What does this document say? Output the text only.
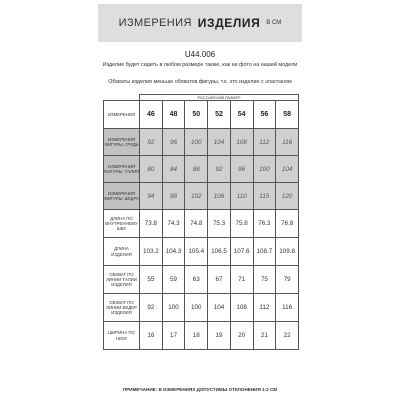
ИЗМЕРЕНИЯ ИЗДЕЛИЯ В СМ
U44.006
Изделие будет сидеть в любом размере также, как на фото на нашей модели
Обхваты изделия меньше обхватов фигуры, т.к. это изделие с эластаном
	РОССИЙСКИЙ РАЗМЕР						
ИЗМЕРЕНИЯ	46	48	50	52	54	56	58
ИЗМЕРЕНИЯ ФИГУРЫ, ГРУДЬ	92	96	100	104	108	112	116
ИЗМЕРЕНИЯ ФИГУРЫ, ТАЛИЯ	80	84	88	92	96	100	104
ИЗМЕРЕНИЯ ФИГУРЫ, БЕДРА	94	98	102	106	110	115	120
ДЛИНА ПО ВНУТРЕННЕМУ ШВУ	73.8	74.3	74.8	75.3	75.8	76.3	76.8
ДЛИНА ИЗДЕЛИЯ	103.2	104.3	105.4	106.5	107.6	108.7	109.8
ОБХВАТ ПО ЛИНИИ ТАЛИИ ИЗДЕЛИЯ	55	59	63	67	71	75	79
ОБХВАТ ПО ЛИНИИ БЕДЕР ИЗДЕЛИЯ	92	100	100	104	108	112	116
ШИРИНА ПО НИЗУ	16	17	18	19	20	21	22
ПРИМЕЧАНИЕ: В ИЗМЕРЕНИЯХ ДОПУСТИМЫ ОТКЛОНЕНИЯ 1-2 СМ
